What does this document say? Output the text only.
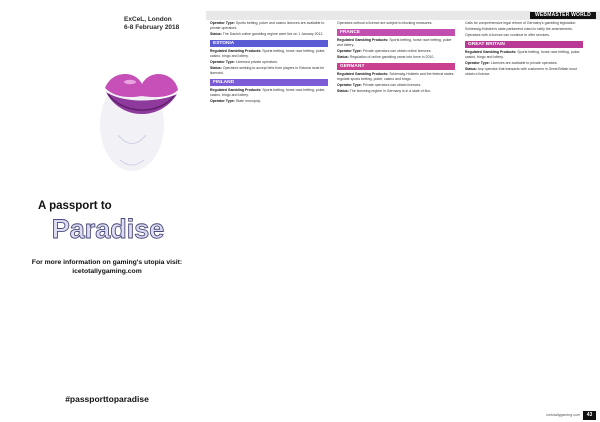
ExCeL, London
6-8 February 2018
A passport to
Paradise
For more information on gaming's utopia visit: icetotallygaming.com
#passporttoparadise
WEBMASTER WORLD

Operator Type: Sports betting, poker and casino licences are available to private operators.

Status: The Danish online gambling regime went live on 1 January 2012.

ESTONIA

Regulated Gambling Products: Sports betting, horse race betting, poker, casino, bingo and lottery.

Operator Type: Licensed private operators.

Status: Operators seeking to accept bets from players in Estonia must be licensed.

FINLAND

Regulated Gambling Products: Sports betting, horse race betting, poker, casino, bingo and lottery.

Operator Type: State monopoly.

Operators without a licence are subject to blocking measures.

FRANCE

Regulated Gambling Products: Sports betting, horse race betting, poker and lottery.

Operator Type: Private operators can obtain online licences.

Status: Regulation of online gambling came into force in 2010.

GERMANY

Regulated Gambling Products: Schleswig-Holstein and the federal states regulate sports betting, poker, casino and bingo.

Operator Type: Private operators can obtain licences.

Status: The licensing regime in Germany is in a state of flux.

Calls for comprehensive legal reform of Germany's gambling legislation.

Schleswig-Holstein's state parliament voted to ratify the amendments.

Operators with a licence can continue to offer services.

GREAT BRITAIN

Regulated Gambling Products: Sports betting, horse race betting, poker, casino, bingo and lottery.

Operator Type: Licences are available to private operators.

Status: Any operator that transacts with customers in Great Britain must obtain a licence.

icetotallygaming.com	43
